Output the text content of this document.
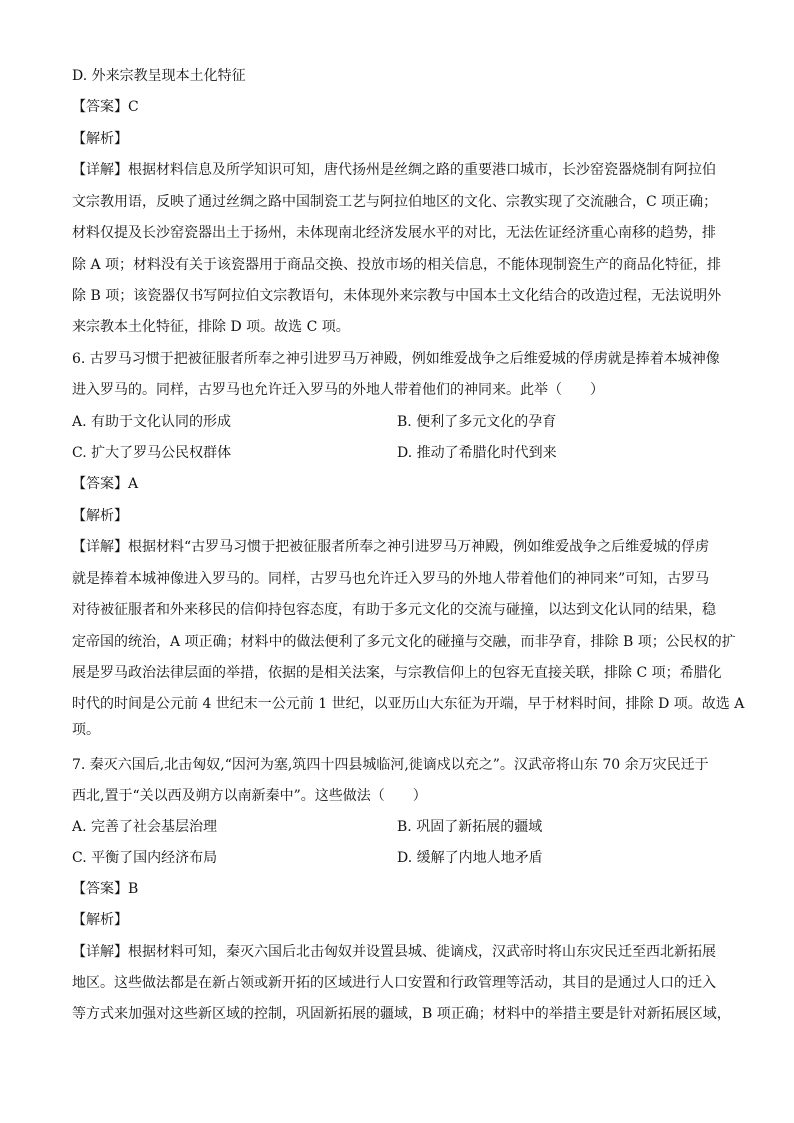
D. 外来宗教呈现本土化特征
【答案】C
【解析】
【详解】根据材料信息及所学知识可知，唐代扬州是丝绸之路的重要港口城市，长沙窑瓷器烧制有阿拉伯
文宗教用语，反映了通过丝绸之路中国制瓷工艺与阿拉伯地区的文化、宗教实现了交流融合，C 项正确；
材料仅提及长沙窑瓷器出土于扬州，未体现南北经济发展水平的对比，无法佐证经济重心南移的趋势，排
除 A 项；材料没有关于该瓷器用于商品交换、投放市场的相关信息，不能体现制瓷生产的商品化特征，排
除 B 项；该瓷器仅书写阿拉伯文宗教语句，未体现外来宗教与中国本土文化结合的改造过程，无法说明外
来宗教本土化特征，排除 D 项。故选 C 项。
6. 古罗马习惯于把被征服者所奉之神引进罗马万神殿，例如维爱战争之后维爱城的俘虏就是捧着本城神像
进入罗马的。同样，古罗马也允许迁入罗马的外地人带着他们的神同来。此举（　　）
A. 有助于文化认同的形成	B. 便利了多元文化的孕育
C. 扩大了罗马公民权群体	D. 推动了希腊化时代到来
【答案】A
【解析】
【详解】根据材料“古罗马习惯于把被征服者所奉之神引进罗马万神殿，例如维爱战争之后维爱城的俘虏
就是捧着本城神像进入罗马的。同样，古罗马也允许迁入罗马的外地人带着他们的神同来”可知，古罗马
对待被征服者和外来移民的信仰持包容态度，有助于多元文化的交流与碰撞，以达到文化认同的结果，稳
定帝国的统治，A 项正确；材料中的做法便利了多元文化的碰撞与交融，而非孕育，排除 B 项；公民权的扩
展是罗马政治法律层面的举措，依据的是相关法案，与宗教信仰上的包容无直接关联，排除 C 项；希腊化
时代的时间是公元前 4 世纪末一公元前 1 世纪，以亚历山大东征为开端，早于材料时间，排除 D 项。故选 A
项。
7. 秦灭六国后,北击匈奴,“因河为塞,筑四十四县城临河,徙谪戍以充之”。汉武帝将山东 70 余万灾民迁于
西北,置于“关以西及朔方以南新秦中”。这些做法（　　）
A. 完善了社会基层治理	B. 巩固了新拓展的疆域
C. 平衡了国内经济布局	D. 缓解了内地人地矛盾
【答案】B
【解析】
【详解】根据材料可知，秦灭六国后北击匈奴并设置县城、徙谪戍，汉武帝时将山东灾民迁至西北新拓展
地区。这些做法都是在新占领或新开拓的区域进行人口安置和行政管理等活动，其目的是通过人口的迁入
等方式来加强对这些新区域的控制，巩固新拓展的疆域，B 项正确；材料中的举措主要是针对新拓展区域，
